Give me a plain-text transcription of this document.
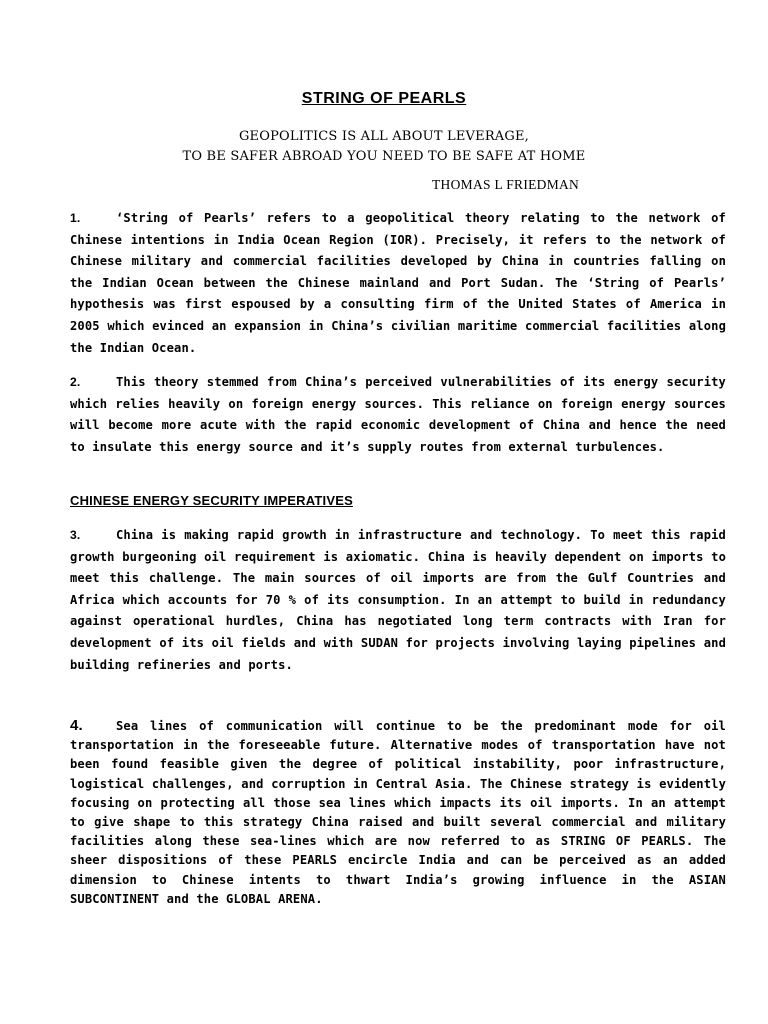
STRING OF PEARLS
GEOPOLITICS IS ALL ABOUT LEVERAGE,
TO BE SAFER ABROAD YOU NEED TO BE SAFE AT HOME
THOMAS L FRIEDMAN
1.	‘String of Pearls’ refers to a geopolitical theory relating to the network of Chinese intentions in India Ocean Region (IOR). Precisely, it refers to the network of Chinese military and commercial facilities developed by China in countries falling on the Indian Ocean between the Chinese mainland and Port Sudan. The ‘String of Pearls’ hypothesis was first espoused by a consulting firm of the United States of America in 2005 which evinced an expansion in China’s civilian maritime commercial facilities along the Indian Ocean.
2.	This theory stemmed from China’s perceived vulnerabilities of its energy security which relies heavily on foreign energy sources. This reliance on foreign energy sources will become more acute with the rapid economic development of China and hence the need to insulate this energy source and it’s supply routes from external turbulences.
CHINESE ENERGY SECURITY IMPERATIVES
3.	China is making rapid growth in infrastructure and technology. To meet this rapid growth burgeoning oil requirement is axiomatic. China is heavily dependent on imports to meet this challenge. The main sources of oil imports are from the Gulf Countries and Africa which accounts for 70 % of its consumption. In an attempt to build in redundancy against operational hurdles, China has negotiated long term contracts with Iran for development of its oil fields and with SUDAN for projects involving laying pipelines and building refineries and ports.
4.	Sea lines of communication will continue to be the predominant mode for oil transportation in the foreseeable future. Alternative modes of transportation have not been found feasible given the degree of political instability, poor infrastructure, logistical challenges, and corruption in Central Asia. The Chinese strategy is evidently focusing on protecting all those sea lines which impacts its oil imports. In an attempt to give shape to this strategy China raised and built several commercial and military facilities along these sea-lines which are now referred to as STRING OF PEARLS. The sheer dispositions of these PEARLS encircle India and can be perceived as an added dimension to Chinese intents to thwart India’s growing influence in the ASIAN SUBCONTINENT and the GLOBAL ARENA.
